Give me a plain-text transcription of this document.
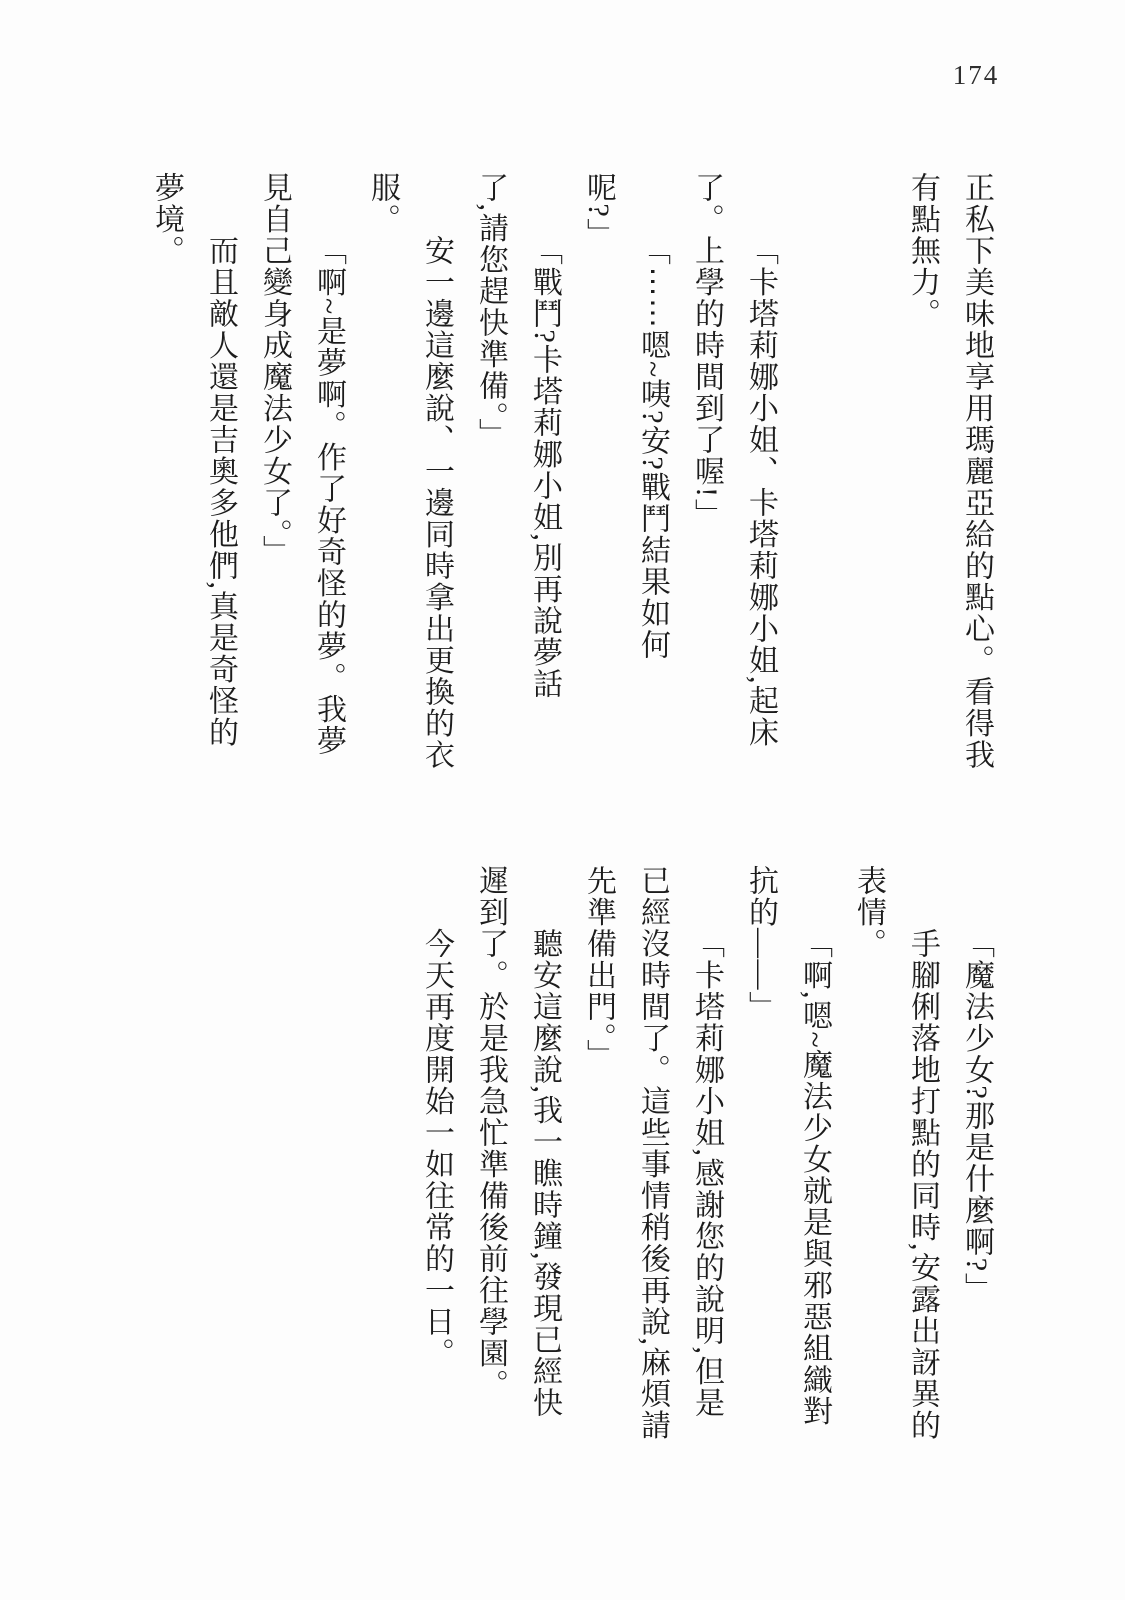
174
正私下美味地享用瑪麗亞給的點心。看得我
有點無力。

「卡塔莉娜小姐、卡塔莉娜小姐,起床
了。上學的時間到了喔!」
「⋯⋯嗯~咦?安?戰鬥結果如何
呢?」
「戰鬥?卡塔莉娜小姐,別再說夢話
了,請您趕快準備。」
安一邊這麼說、一邊同時拿出更換的衣
服。
「啊~是夢啊。作了好奇怪的夢。我夢
見自己變身成魔法少女了。」
而且敵人還是吉奧多他們,真是奇怪的
夢境。
「魔法少女?那是什麼啊?」
手腳俐落地打點的同時,安露出訝異的
表情。
「啊,嗯~魔法少女就是與邪惡組織對
抗的——」
「卡塔莉娜小姐,感謝您的說明,但是
已經沒時間了。這些事情稍後再說,麻煩請
先準備出門。」
聽安這麼說,我一瞧時鐘,發現已經快
遲到了。於是我急忙準備後前往學園。
今天再度開始一如往常的一日。
